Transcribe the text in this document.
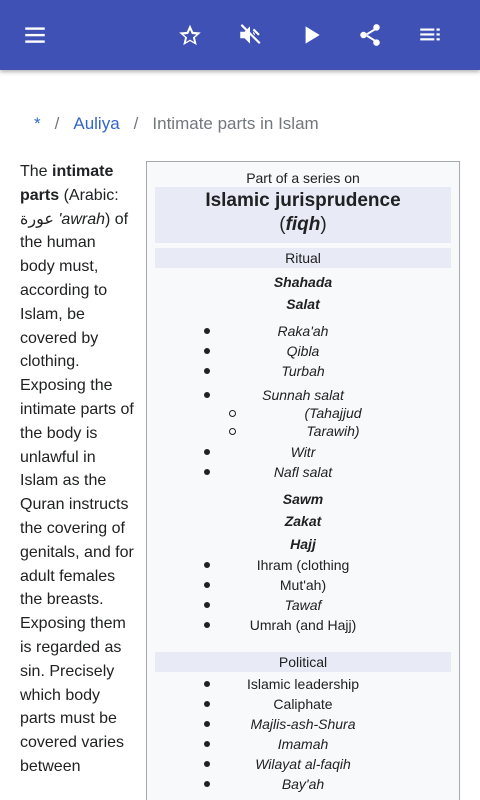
* / Auliya / Intimate parts in Islam
The intimate parts (Arabic: عورة 'awrah) of the human body must, according to Islam, be covered by clothing. Exposing the intimate parts of the body is unlawful in Islam as the Quran instructs the covering of genitals, and for adult females the breasts. Exposing them is regarded as sin. Precisely which body parts must be covered varies between
Part of a series on
Islamic jurisprudence
(fiqh)
Ritual
Shahada
Salat
Raka'ah
Qibla
Turbah
Sunnah salat
(Tahajjud
Tarawih)
Witr
Nafl salat
Sawm
Zakat
Hajj
Ihram (clothing
Mut'ah)
Tawaf
Umrah (and Hajj)
Political
Islamic leadership
Caliphate
Majlis-ash-Shura
Imamah
Wilayat al-faqih
Bay'ah
